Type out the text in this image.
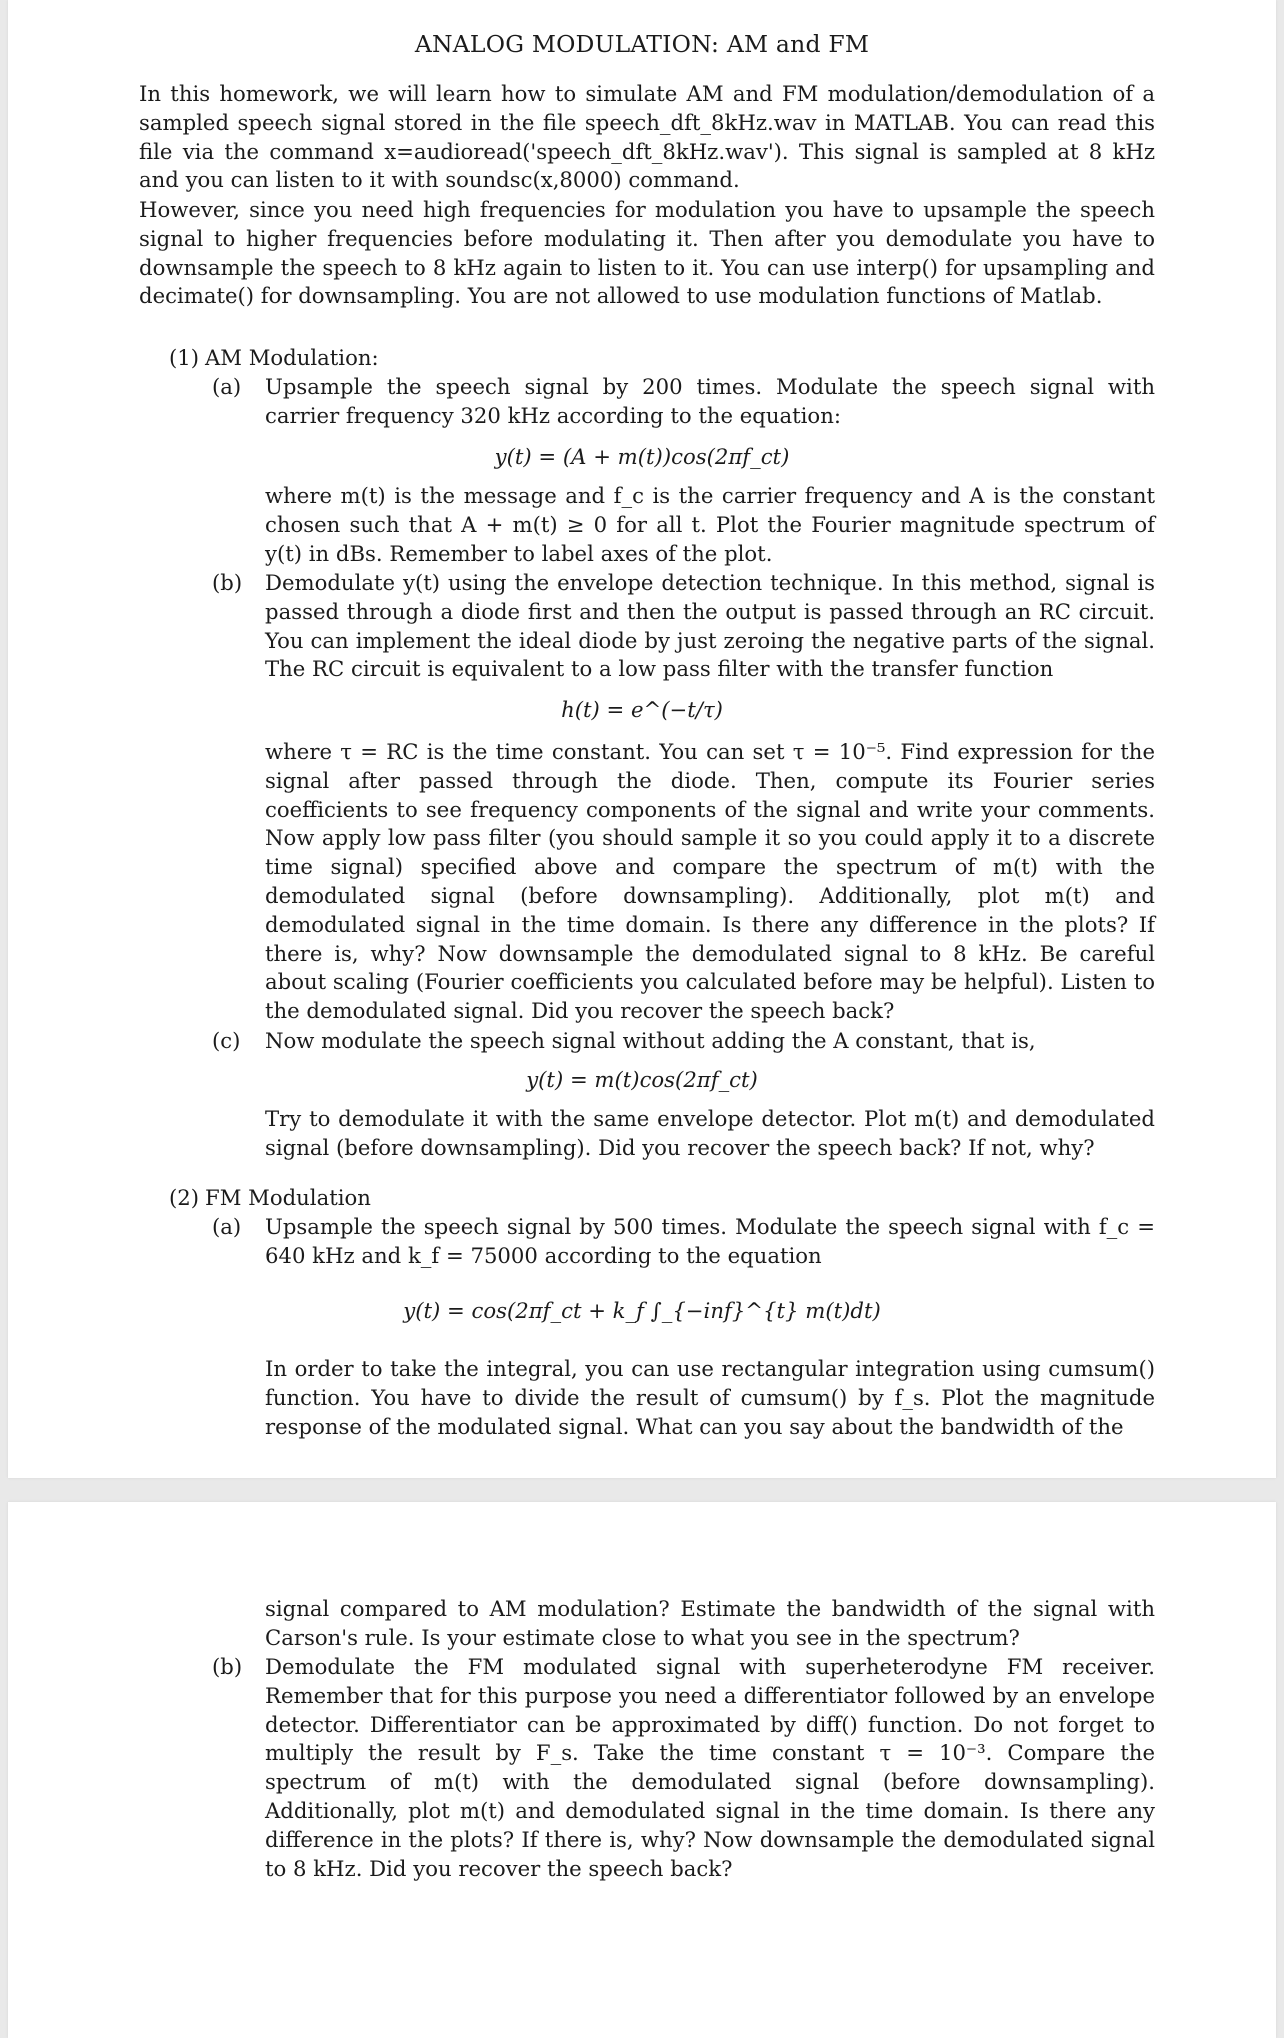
ANALOG MODULATION: AM and FM

In this homework, we will learn how to simulate AM and FM modulation/demodulation of a sampled speech signal stored in the file speech_dft_8kHz.wav in MATLAB. You can read this file via the command x=audioread('speech_dft_8kHz.wav'). This signal is sampled at 8 kHz and you can listen to it with soundsc(x,8000) command.

However, since you need high frequencies for modulation you have to upsample the speech signal to higher frequencies before modulating it. Then after you demodulate you have to downsample the speech to 8 kHz again to listen to it. You can use interp() for upsampling and decimate() for downsampling. You are not allowed to use modulation functions of Matlab.

(1) AM Modulation:
(a) Upsample the speech signal by 200 times. Modulate the speech signal with carrier frequency 320 kHz according to the equation:
y(t) = (A + m(t))cos(2πf_ct)
where m(t) is the message and f_c is the carrier frequency and A is the constant chosen such that A + m(t) ≥ 0 for all t. Plot the Fourier magnitude spectrum of y(t) in dBs. Remember to label axes of the plot.
(b) Demodulate y(t) using the envelope detection technique. In this method, signal is passed through a diode first and then the output is passed through an RC circuit. You can implement the ideal diode by just zeroing the negative parts of the signal. The RC circuit is equivalent to a low pass filter with the transfer function
h(t) = e^(−t/τ)
where τ = RC is the time constant. You can set τ = 10⁻⁵. Find expression for the signal after passed through the diode. Then, compute its Fourier series coefficients to see frequency components of the signal and write your comments. Now apply low pass filter (you should sample it so you could apply it to a discrete time signal) specified above and compare the spectrum of m(t) with the demodulated signal (before downsampling). Additionally, plot m(t) and demodulated signal in the time domain. Is there any difference in the plots? If there is, why? Now downsample the demodulated signal to 8 kHz. Be careful about scaling (Fourier coefficients you calculated before may be helpful). Listen to the demodulated signal. Did you recover the speech back?
(c) Now modulate the speech signal without adding the A constant, that is,
y(t) = m(t)cos(2πf_ct)
Try to demodulate it with the same envelope detector. Plot m(t) and demodulated signal (before downsampling). Did you recover the speech back? If not, why?
(2) FM Modulation
(a) Upsample the speech signal by 500 times. Modulate the speech signal with f_c = 640 kHz and k_f = 75000 according to the equation
y(t) = cos(2πf_ct + k_f ∫_{−inf}^{t} m(t)dt)
In order to take the integral, you can use rectangular integration using cumsum() function. You have to divide the result of cumsum() by f_s. Plot the magnitude response of the modulated signal. What can you say about the bandwidth of the
signal compared to AM modulation? Estimate the bandwidth of the signal with Carson's rule. Is your estimate close to what you see in the spectrum?
(b) Demodulate the FM modulated signal with superheterodyne FM receiver. Remember that for this purpose you need a differentiator followed by an envelope detector. Differentiator can be approximated by diff() function. Do not forget to multiply the result by F_s. Take the time constant τ = 10⁻³. Compare the spectrum of m(t) with the demodulated signal (before downsampling). Additionally, plot m(t) and demodulated signal in the time domain. Is there any difference in the plots? If there is, why? Now downsample the demodulated signal to 8 kHz. Did you recover the speech back?
